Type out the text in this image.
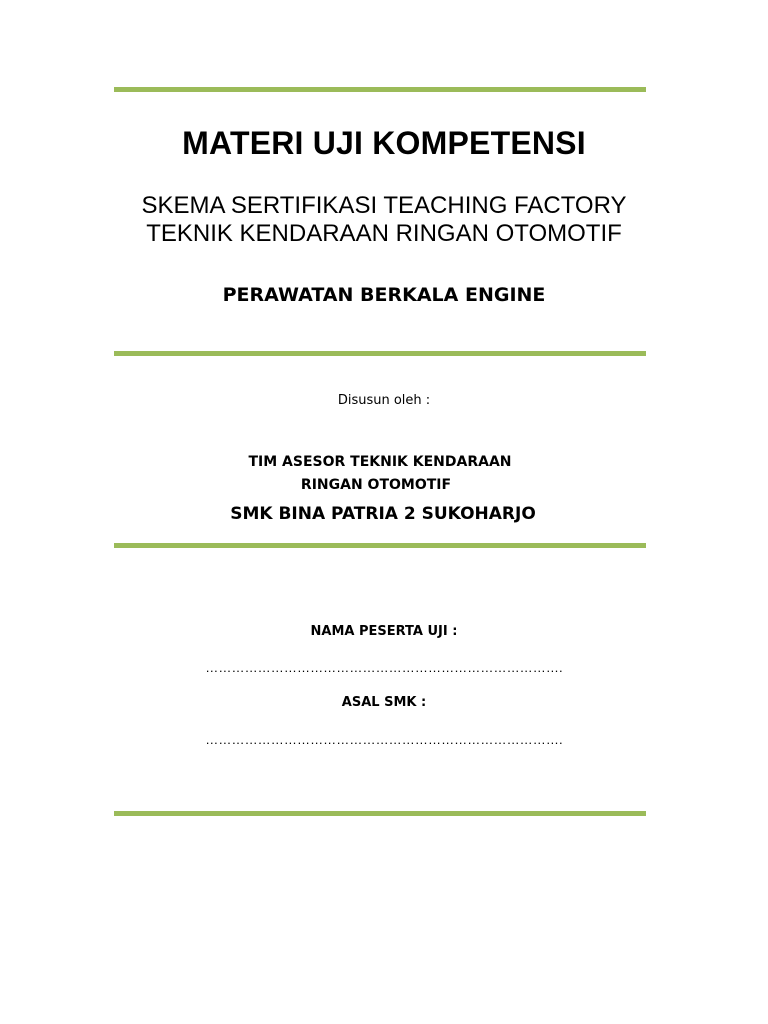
MATERI UJI KOMPETENSI
SKEMA SERTIFIKASI TEACHING FACTORY
TEKNIK KENDARAAN RINGAN OTOMOTIF
PERAWATAN BERKALA ENGINE
Disusun oleh :
TIM ASESOR TEKNIK KENDARAAN
RINGAN OTOMOTIF
SMK BINA PATRIA 2 SUKOHARJO
NAMA PESERTA UJI :
……………………………………………………………………….
ASAL SMK :
……………………………………………………………………….
